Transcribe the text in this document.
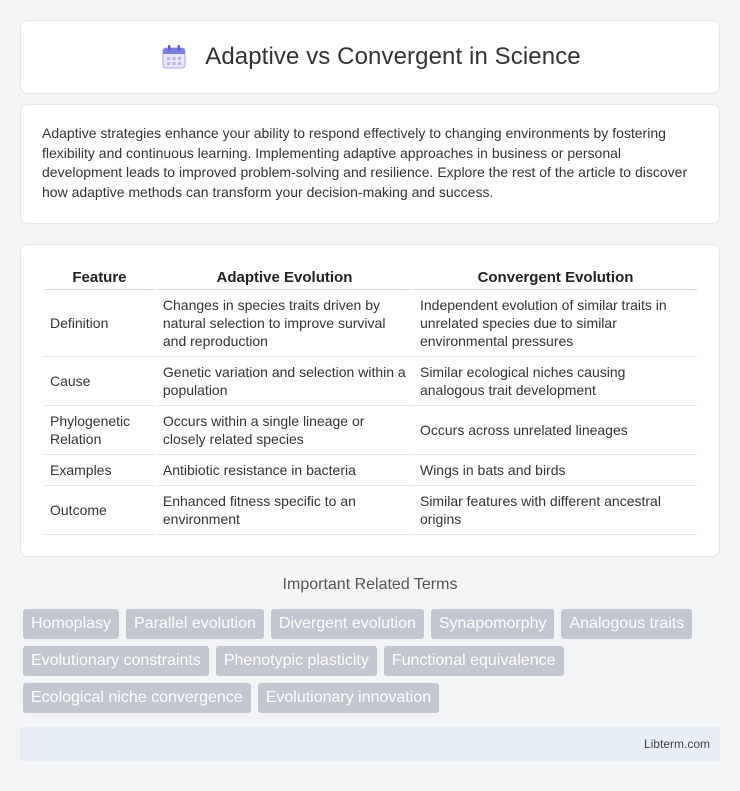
Adaptive vs Convergent in Science

Adaptive strategies enhance your ability to respond effectively to changing environments by fostering flexibility and continuous learning. Implementing adaptive approaches in business or personal development leads to improved problem-solving and resilience. Explore the rest of the article to discover how adaptive methods can transform your decision-making and success.

Feature	Adaptive Evolution	Convergent Evolution
Definition	Changes in species traits driven by natural selection to improve survival and reproduction	Independent evolution of similar traits in unrelated species due to similar environmental pressures
Cause	Genetic variation and selection within a population	Similar ecological niches causing analogous trait development
Phylogenetic Relation	Occurs within a single lineage or closely related species	Occurs across unrelated lineages
Examples	Antibiotic resistance in bacteria	Wings in bats and birds
Outcome	Enhanced fitness specific to an environment	Similar features with different ancestral origins
Important Related Terms
Homoplasy	Parallel evolution	Divergent evolution	Synapomorphy	Analogous traits
Evolutionary constraints	Phenotypic plasticity	Functional equivalence
Ecological niche convergence	Evolutionary innovation
Libterm.com
